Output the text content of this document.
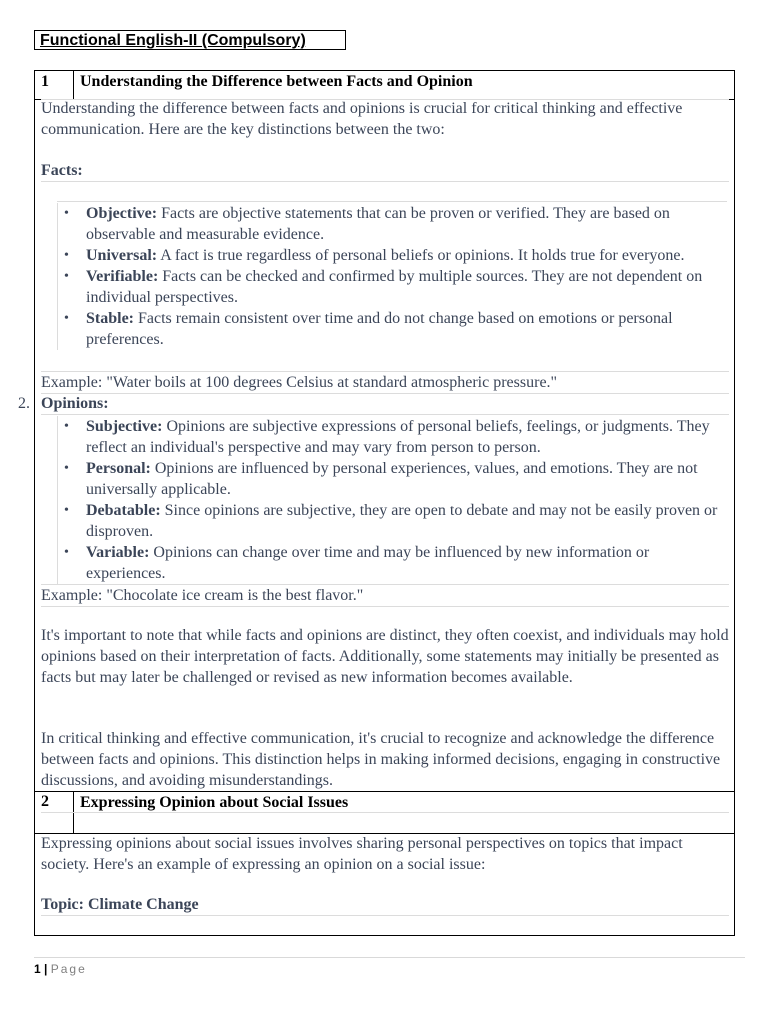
Functional English-II (Compulsory)
1 Understanding the Difference between Facts and Opinion
2 Expressing Opinion about Social Issues
Understanding the difference between facts and opinions is crucial for critical thinking and effective communication. Here are the key distinctions between the two:
Facts:
• Objective: Facts are objective statements that can be proven or verified. They are based on observable and measurable evidence.
• Universal: A fact is true regardless of personal beliefs or opinions. It holds true for everyone.
• Verifiable: Facts can be checked and confirmed by multiple sources. They are not dependent on individual perspectives.
• Stable: Facts remain consistent over time and do not change based on emotions or personal preferences.
Example: "Water boils at 100 degrees Celsius at standard atmospheric pressure."
2. Opinions:
• Subjective: Opinions are subjective expressions of personal beliefs, feelings, or judgments. They reflect an individual's perspective and may vary from person to person.
• Personal: Opinions are influenced by personal experiences, values, and emotions. They are not universally applicable.
• Debatable: Since opinions are subjective, they are open to debate and may not be easily proven or disproven.
• Variable: Opinions can change over time and may be influenced by new information or experiences.
Example: "Chocolate ice cream is the best flavor."
It's important to note that while facts and opinions are distinct, they often coexist, and individuals may hold opinions based on their interpretation of facts. Additionally, some statements may initially be presented as facts but may later be challenged or revised as new information becomes available.
In critical thinking and effective communication, it's crucial to recognize and acknowledge the difference between facts and opinions. This distinction helps in making informed decisions, engaging in constructive discussions, and avoiding misunderstandings.
Expressing opinions about social issues involves sharing personal perspectives on topics that impact society. Here's an example of expressing an opinion on a social issue:
Topic: Climate Change
1 | Page
